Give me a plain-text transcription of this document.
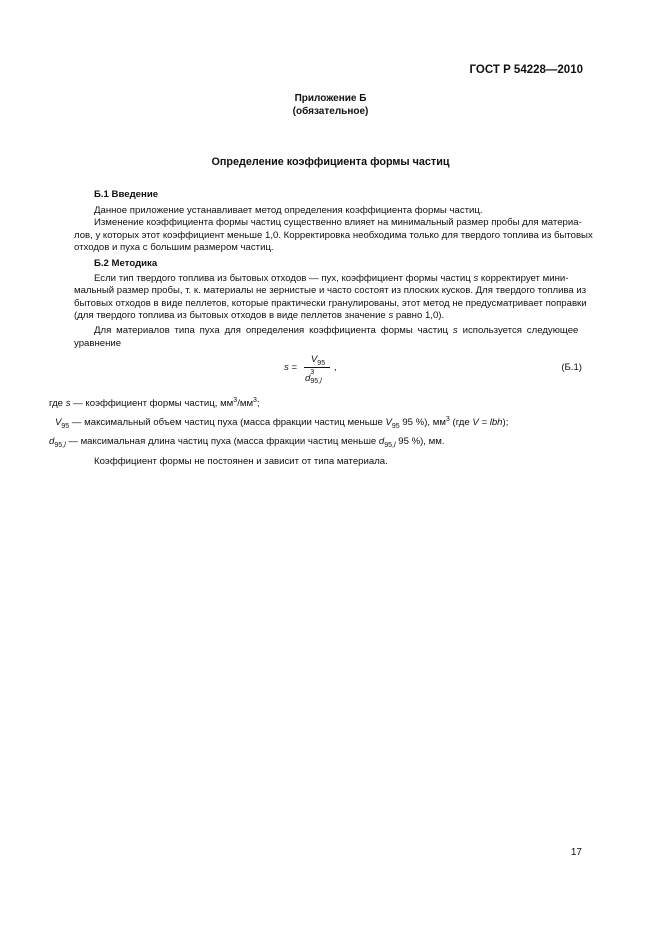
ГОСТ Р 54228—2010
Приложение Б
(обязательное)
Определение коэффициента формы частиц
Б.1 Введение
Данное приложение устанавливает метод определения коэффициента формы частиц.
Изменение коэффициента формы частиц существенно влияет на минимальный размер пробы для материа-
лов, у которых этот коэффициент меньше 1,0. Корректировка необходима только для твердого топлива из бытовых
отходов и пуха с большим размером частиц.
Б.2 Методика
Если тип твердого топлива из бытовых отходов — пух, коэффициент формы частиц s корректирует мини-
мальный размер пробы, т. к. материалы не зернистые и часто состоят из плоских кусков. Для твердого топлива из
бытовых отходов в виде пеллетов, которые практически гранулированы, этот метод не предусматривает поправки
(для твердого топлива из бытовых отходов в виде пеллетов значение s равно 1,0).
Для материалов типа пуха для определения коэффициента формы частиц s используется следующее
уравнение
s =
$V_{95}$
d
3
95,l
,	(Б.1)
где s — коэффициент формы частиц, $мм^3/мм^3$;
$V_{95}$ — максимальный объем частиц пуха (масса фракции частиц меньше $V_{95}$ 95 %), $мм^3$ (где V = lbh);
$d_{95,l}$ — максимальная длина частиц пуха (масса фракции частиц меньше $d_{95,l}$ 95 %), мм.
Коэффициент формы не постоянен и зависит от типа материала.
17
